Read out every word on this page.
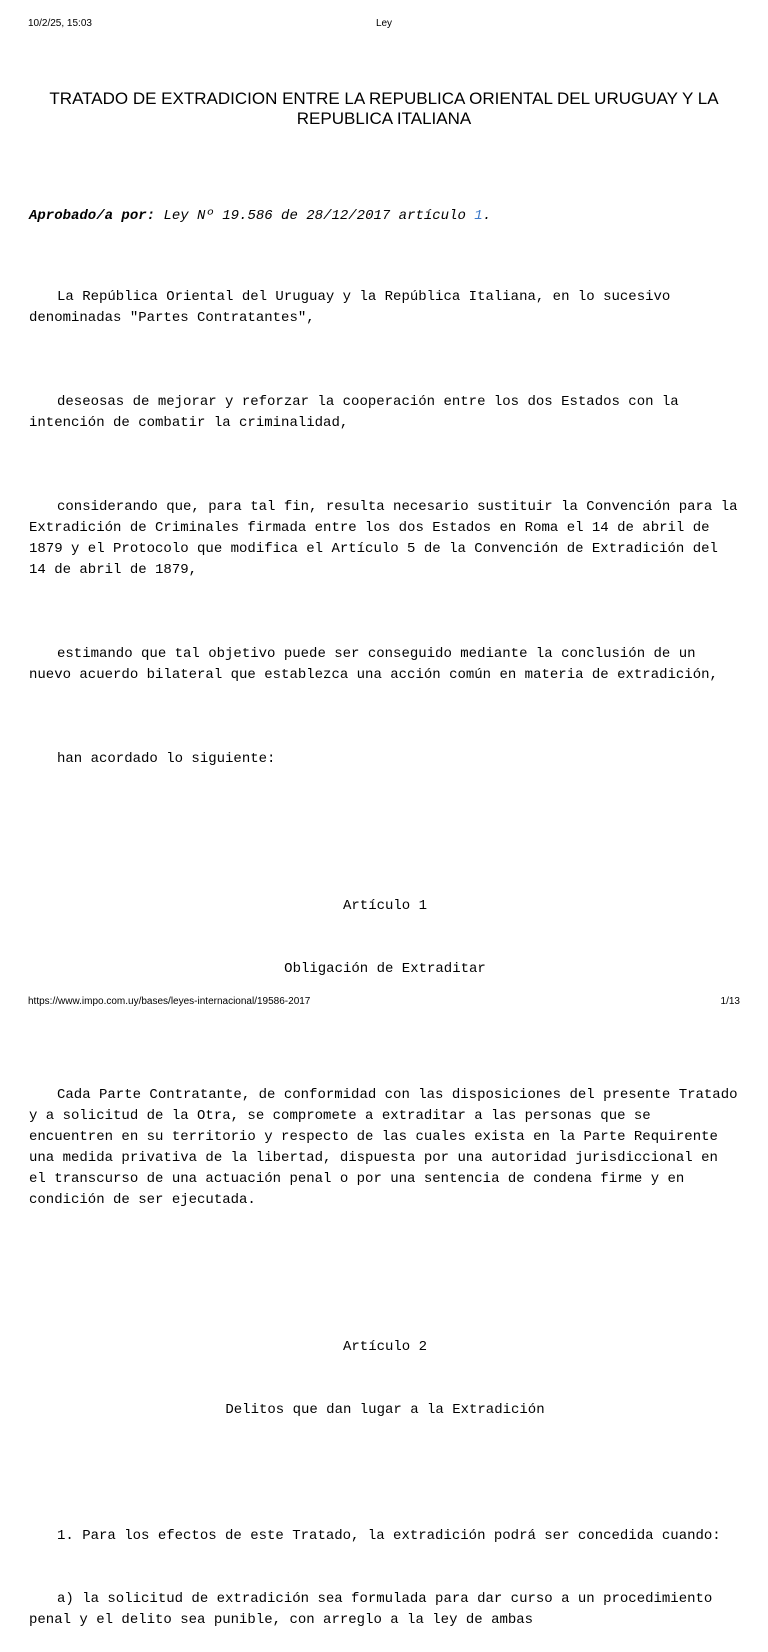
10/2/25, 15:03	Ley
TRATADO DE EXTRADICION ENTRE LA REPUBLICA ORIENTAL DEL URUGUAY Y LA REPUBLICA ITALIANA
Aprobado/a por: Ley Nº 19.586 de 28/12/2017 artículo 1.

La República Oriental del Uruguay y la República Italiana, en lo sucesivo denominadas "Partes Contratantes",

deseosas de mejorar y reforzar la cooperación entre los dos Estados con la intención de combatir la criminalidad,

considerando que, para tal fin, resulta necesario sustituir la Convención para la Extradición de Criminales firmada entre los dos Estados en Roma el 14 de abril de 1879 y el Protocolo que modifica el Artículo 5 de la Convención de Extradición del 14 de abril de 1879,

estimando que tal objetivo puede ser conseguido mediante la conclusión de un nuevo acuerdo bilateral que establezca una acción común en materia de extradición,

han acordado lo siguiente:

Artículo 1

Obligación de Extraditar

Cada Parte Contratante, de conformidad con las disposiciones del presente Tratado y a solicitud de la Otra, se compromete a extraditar a las personas que se encuentren en su territorio y respecto de las cuales exista en la Parte Requirente una medida privativa de la libertad, dispuesta por una autoridad jurisdiccional en el transcurso de una actuación penal o por una sentencia de condena firme y en condición de ser ejecutada.

Artículo 2

Delitos que dan lugar a la Extradición

1. Para los efectos de este Tratado, la extradición podrá ser concedida cuando:

a) la solicitud de extradición sea formulada para dar curso a un procedimiento penal y el delito sea punible, con arreglo a la ley de ambas

https://www.impo.com.uy/bases/leyes-internacional/19586-2017	1/13
